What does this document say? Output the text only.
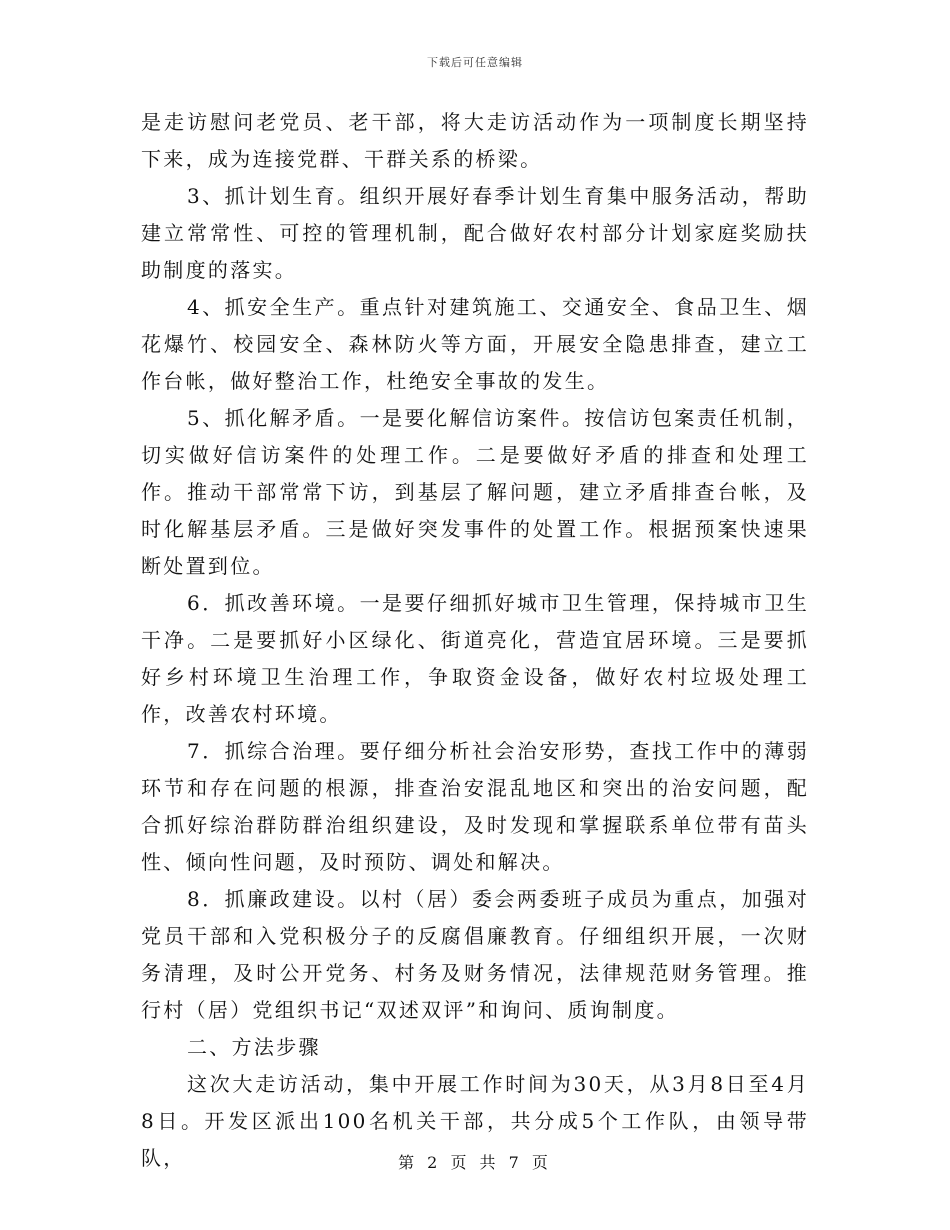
下载后可任意编辑

是走访慰问老党员、老干部，将大走访活动作为一项制度长期坚持下来，成为连接党群、干群关系的桥梁。

3、抓计划生育。组织开展好春季计划生育集中服务活动，帮助建立常常性、可控的管理机制，配合做好农村部分计划家庭奖励扶助制度的落实。

4、抓安全生产。重点针对建筑施工、交通安全、食品卫生、烟花爆竹、校园安全、森林防火等方面，开展安全隐患排查，建立工作台帐，做好整治工作，杜绝安全事故的发生。

5、抓化解矛盾。一是要化解信访案件。按信访包案责任机制，切实做好信访案件的处理工作。二是要做好矛盾的排查和处理工作。推动干部常常下访，到基层了解问题，建立矛盾排查台帐，及时化解基层矛盾。三是做好突发事件的处置工作。根据预案快速果断处置到位。

6．抓改善环境。一是要仔细抓好城市卫生管理，保持城市卫生干净。二是要抓好小区绿化、街道亮化，营造宜居环境。三是要抓好乡村环境卫生治理工作，争取资金设备，做好农村垃圾处理工作，改善农村环境。

7．抓综合治理。要仔细分析社会治安形势，查找工作中的薄弱环节和存在问题的根源，排查治安混乱地区和突出的治安问题，配合抓好综治群防群治组织建设，及时发现和掌握联系单位带有苗头性、倾向性问题，及时预防、调处和解决。

8．抓廉政建设。以村（居）委会两委班子成员为重点，加强对党员干部和入党积极分子的反腐倡廉教育。仔细组织开展，一次财务清理，及时公开党务、村务及财务情况，法律规范财务管理。推行村（居）党组织书记“双述双评”和询问、质询制度。

二、方法步骤

这次大走访活动，集中开展工作时间为30天，从3月8日至4月8日。开发区派出100名机关干部，共分成5个工作队，由领导带队，	第 2 页 共 7 页
